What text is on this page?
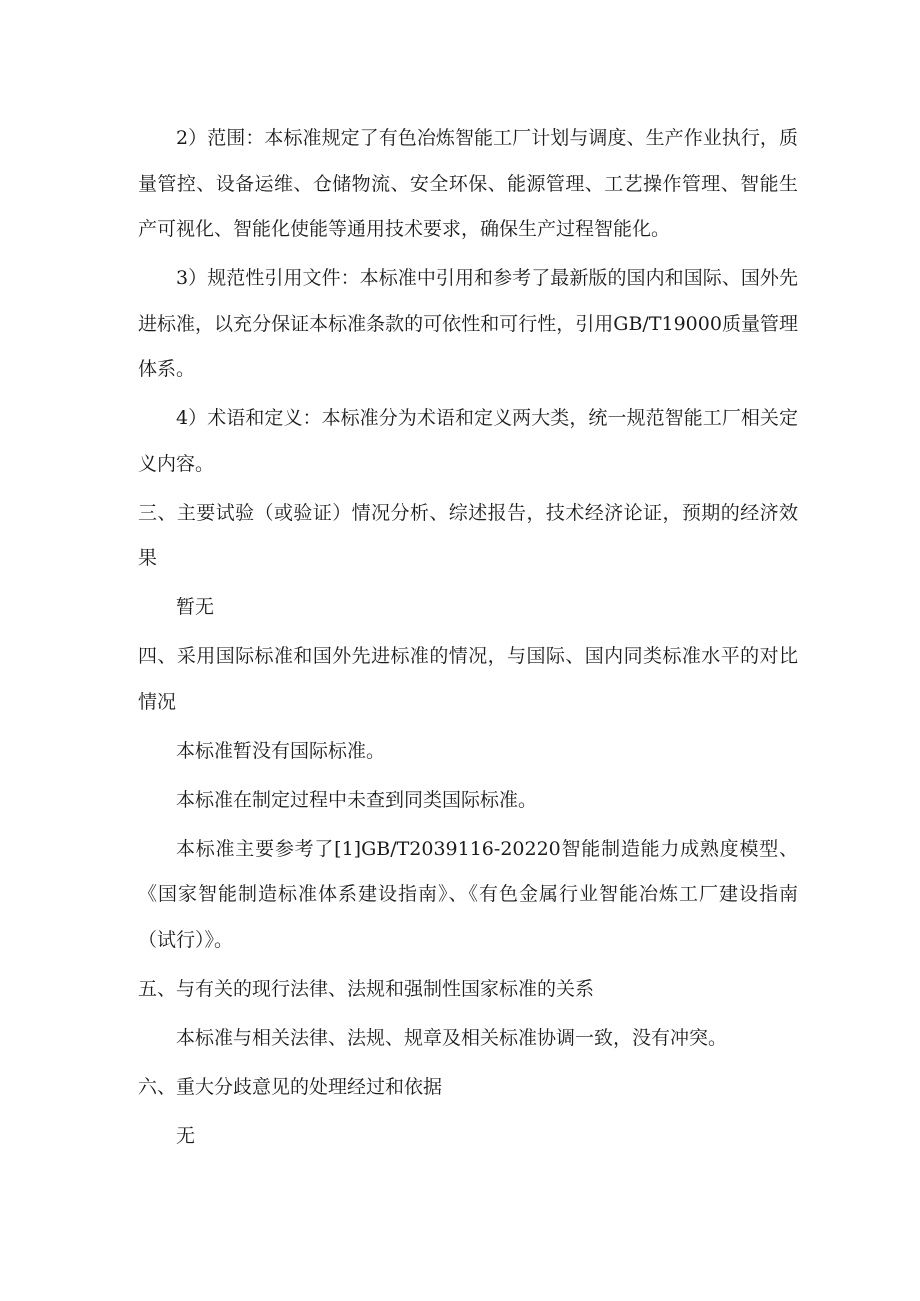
2）范围：本标准规定了有色冶炼智能工厂计划与调度、生产作业执行，质量管控、设备运维、仓储物流、安全环保、能源管理、工艺操作管理、智能生产可视化、智能化使能等通用技术要求，确保生产过程智能化。

3）规范性引用文件：本标准中引用和参考了最新版的国内和国际、国外先进标准，以充分保证本标准条款的可依性和可行性，引用GB/T19000质量管理体系。

4）术语和定义：本标准分为术语和定义两大类，统一规范智能工厂相关定义内容。

三、主要试验（或验证）情况分析、综述报告，技术经济论证，预期的经济效果

暂无

四、采用国际标准和国外先进标准的情况，与国际、国内同类标准水平的对比情况

本标准暂没有国际标准。

本标准在制定过程中未查到同类国际标准。

本标准主要参考了[1]GB/T2039116-20220智能制造能力成熟度模型、《国家智能制造标准体系建设指南》、《有色金属行业智能冶炼工厂建设指南（试行）》。

五、与有关的现行法律、法规和强制性国家标准的关系

本标准与相关法律、法规、规章及相关标准协调一致，没有冲突。

六、重大分歧意见的处理经过和依据

无
